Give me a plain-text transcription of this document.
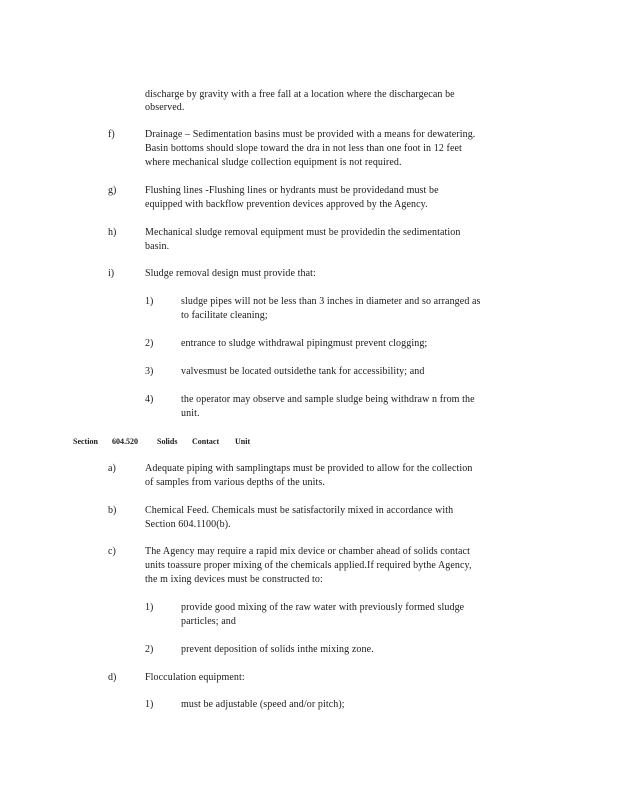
discharge by gravity with a free fall at a location where the dischargecan be
observed.
f)	Drainage – Sedimentation basins must be provided with a means for dewatering.
Basin bottoms should slope toward the dra in not less than one foot in 12 feet
where mechanical sludge collection equipment is not required.
g)	Flushing lines -Flushing lines or hydrants must be providedand must be
equipped with backflow prevention devices approved by the Agency.
h)	Mechanical sludge removal equipment must be providedin the sedimentation
basin.
i)	Sludge removal design must provide that:
1)	sludge pipes will not be less than 3 inches in diameter and so arranged as
to facilitate cleaning;
2)	entrance to sludge withdrawal pipingmust prevent clogging;
3)	valvesmust be located outsidethe tank for accessibility; and
4)	the operator may observe and sample sludge being withdraw n from the
unit.
Section 604.520 Solids Contact Unit
a)	Adequate piping with samplingtaps must be provided to allow for the collection
of samples from various depths of the units.
b)	Chemical Feed. Chemicals must be satisfactorily mixed in accordance with
Section 604.1100(b).
c)	The Agency may require a rapid mix device or chamber ahead of solids contact
units toassure proper mixing of the chemicals applied.If required bythe Agency,
the m ixing devices must be constructed to:
1)	provide good mixing of the raw water with previously formed sludge
particles; and
2)	prevent deposition of solids inthe mixing zone.
d)	Flocculation equipment:
1)	must be adjustable (speed and/or pitch);
